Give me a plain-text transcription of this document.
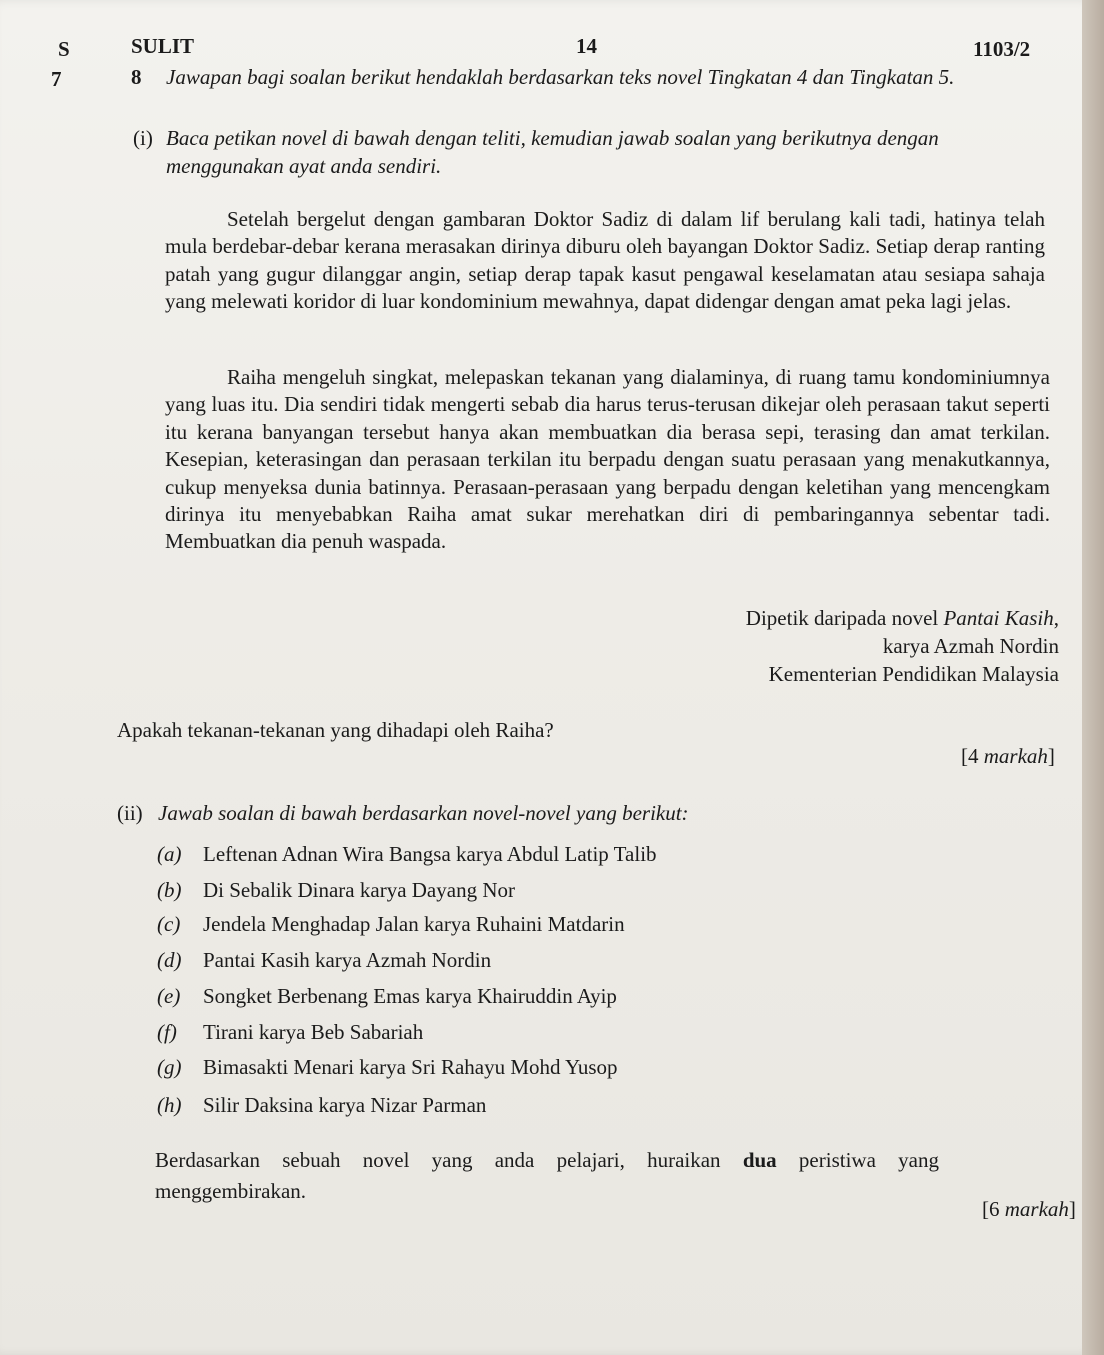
S	SULIT	14	1103/2
7	8 Jawapan bagi soalan berikut hendaklah berdasarkan teks novel Tingkatan 4 dan Tingkatan 5.
(i) Baca petikan novel di bawah dengan teliti, kemudian jawab soalan yang berikutnya dengan
menggunakan ayat anda sendiri.
Setelah bergelut dengan gambaran Doktor Sadiz di dalam lif berulang kali tadi, hatinya telah mula berdebar-debar kerana merasakan dirinya diburu oleh bayangan Doktor Sadiz. Setiap derap ranting patah yang gugur dilanggar angin, setiap derap tapak kasut pengawal keselamatan atau sesiapa sahaja yang melewati koridor di luar kondominium mewahnya, dapat didengar dengan amat peka lagi jelas.
Raiha mengeluh singkat, melepaskan tekanan yang dialaminya, di ruang tamu kondominiumnya yang luas itu. Dia sendiri tidak mengerti sebab dia harus terus-terusan dikejar oleh perasaan takut seperti itu kerana banyangan tersebut hanya akan membuatkan dia berasa sepi, terasing dan amat terkilan. Kesepian, keterasingan dan perasaan terkilan itu berpadu dengan suatu perasaan yang menakutkannya, cukup menyeksa dunia batinnya. Perasaan-perasaan yang berpadu dengan keletihan yang mencengkam dirinya itu menyebabkan Raiha amat sukar merehatkan diri di pembaringannya sebentar tadi. Membuatkan dia penuh waspada.
Dipetik daripada novel Pantai Kasih,
karya Azmah Nordin
Kementerian Pendidikan Malaysia
Apakah tekanan-tekanan yang dihadapi oleh Raiha?
[4 markah]
(ii) Jawab soalan di bawah berdasarkan novel-novel yang berikut:
(a) Leftenan Adnan Wira Bangsa karya Abdul Latip Talib
(b) Di Sebalik Dinara karya Dayang Nor
(c) Jendela Menghadap Jalan karya Ruhaini Matdarin
(d) Pantai Kasih karya Azmah Nordin
(e) Songket Berbenang Emas karya Khairuddin Ayip
(f) Tirani karya Beb Sabariah
(g) Bimasakti Menari karya Sri Rahayu Mohd Yusop
(h) Silir Daksina karya Nizar Parman
Berdasarkan sebuah novel yang anda pelajari, huraikan dua peristiwa yang
menggembirakan.
[6 markah]
